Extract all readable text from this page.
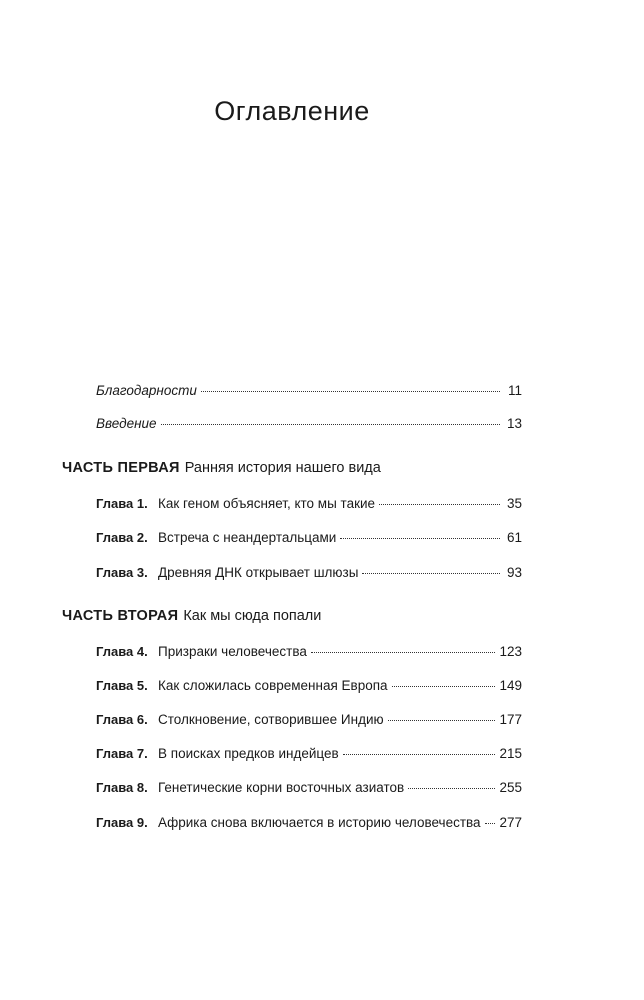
Оглавление
Благодарности	11
Введение	13
ЧАСТЬ ПЕРВАЯ Ранняя история нашего вида
Глава 1. Как геном объясняет, кто мы такие	35
Глава 2. Встреча с неандертальцами	61
Глава 3. Древняя ДНК открывает шлюзы	93
ЧАСТЬ ВТОРАЯ Как мы сюда попали
Глава 4. Призраки человечества	123
Глава 5. Как сложилась современная Европа	149
Глава 6. Столкновение, сотворившее Индию	177
Глава 7. В поисках предков индейцев	215
Глава 8. Генетические корни восточных азиатов	255
Глава 9. Африка снова включается в историю человечества 277
